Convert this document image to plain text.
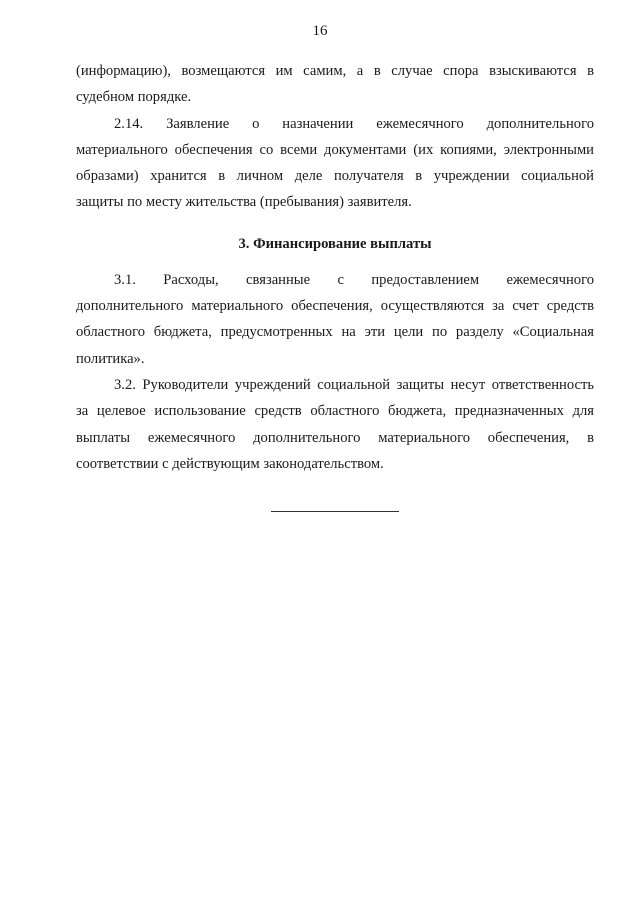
16
(информацию), возмещаются им самим, а в случае спора взыскиваются в
судебном порядке.
2.14. Заявление о назначении ежемесячного дополнительного
материального обеспечения со всеми документами (их копиями, электронными
образами) хранится в личном деле получателя в учреждении социальной
защиты по месту жительства (пребывания) заявителя.
3. Финансирование выплаты
3.1. Расходы, связанные с предоставлением ежемесячного
дополнительного материального обеспечения, осуществляются за счет средств
областного бюджета, предусмотренных на эти цели по разделу «Социальная
политика».
3.2. Руководители учреждений социальной защиты несут ответственность
за целевое использование средств областного бюджета, предназначенных для
выплаты ежемесячного дополнительного материального обеспечения, в
соответствии с действующим законодательством.
